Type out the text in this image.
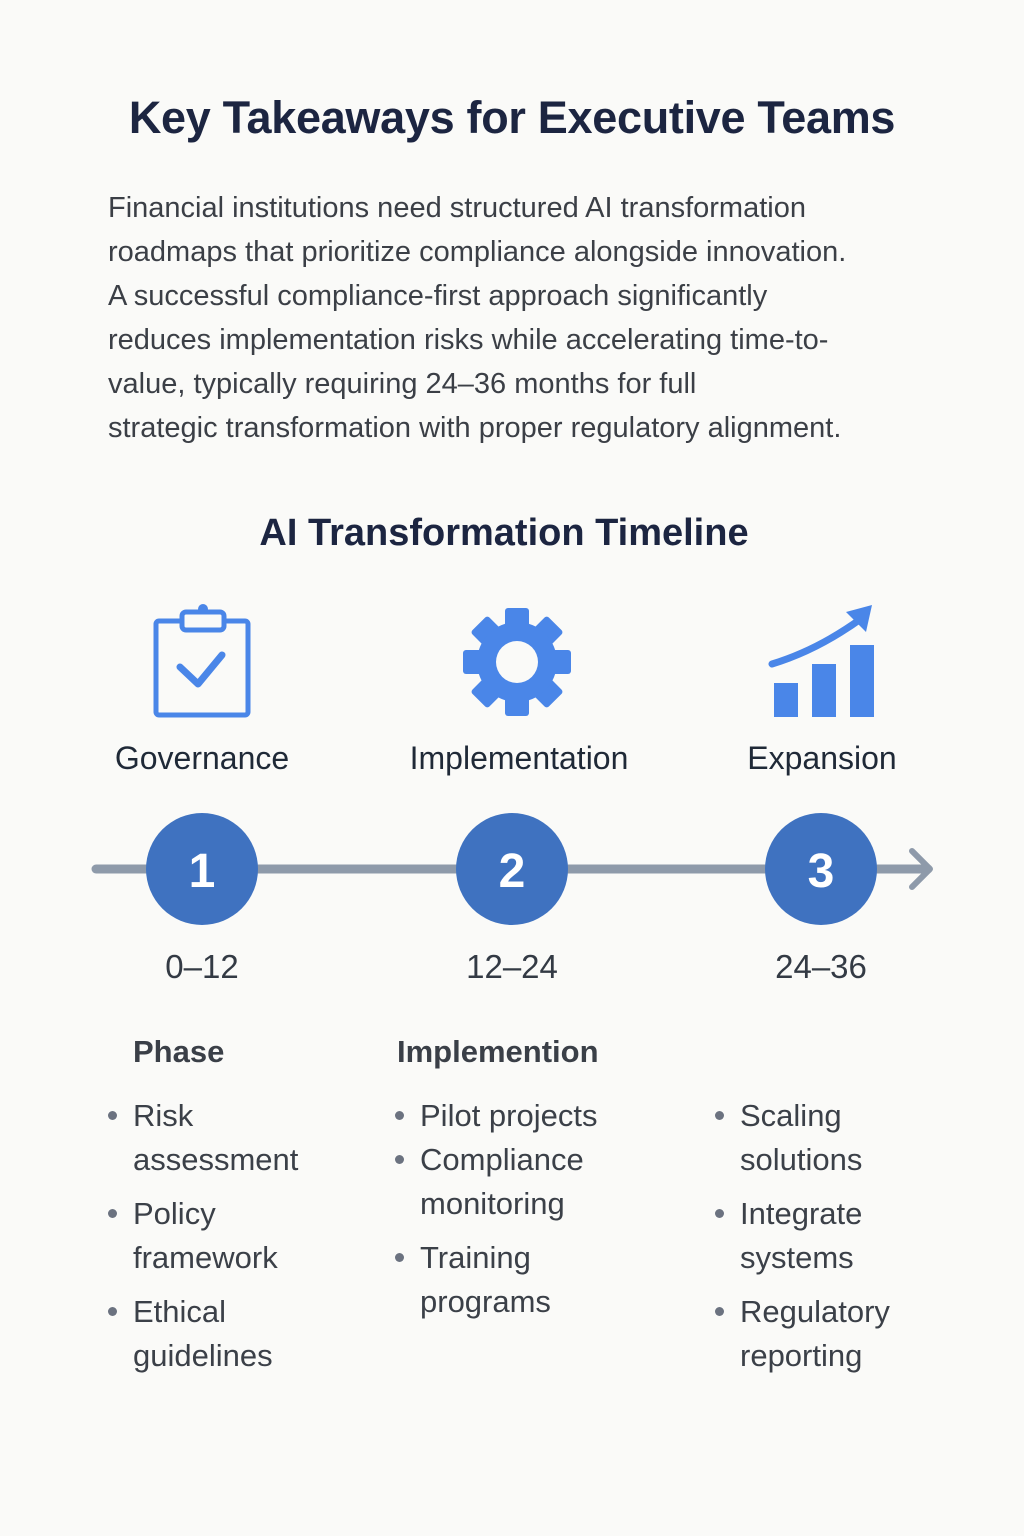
Key Takeaways for Executive Teams

Financial institutions need structured AI transformation
roadmaps that prioritize compliance alongside innovation.
A successful compliance-first approach significantly
reduces implementation risks while accelerating time-to-
value, typically requiring 24–36 months for full
strategic transformation with proper regulatory alignment.

AI Transformation Timeline
1	2	3
Governance	Implementation	Expansion
0–12	12–24	24–36
Phase	Implemention
Risk assessment
Policy framework
Ethical guidelines
Pilot projects
Compliance monitoring
Training programs
Scaling solutions
Integrate systems
Regulatory reporting
